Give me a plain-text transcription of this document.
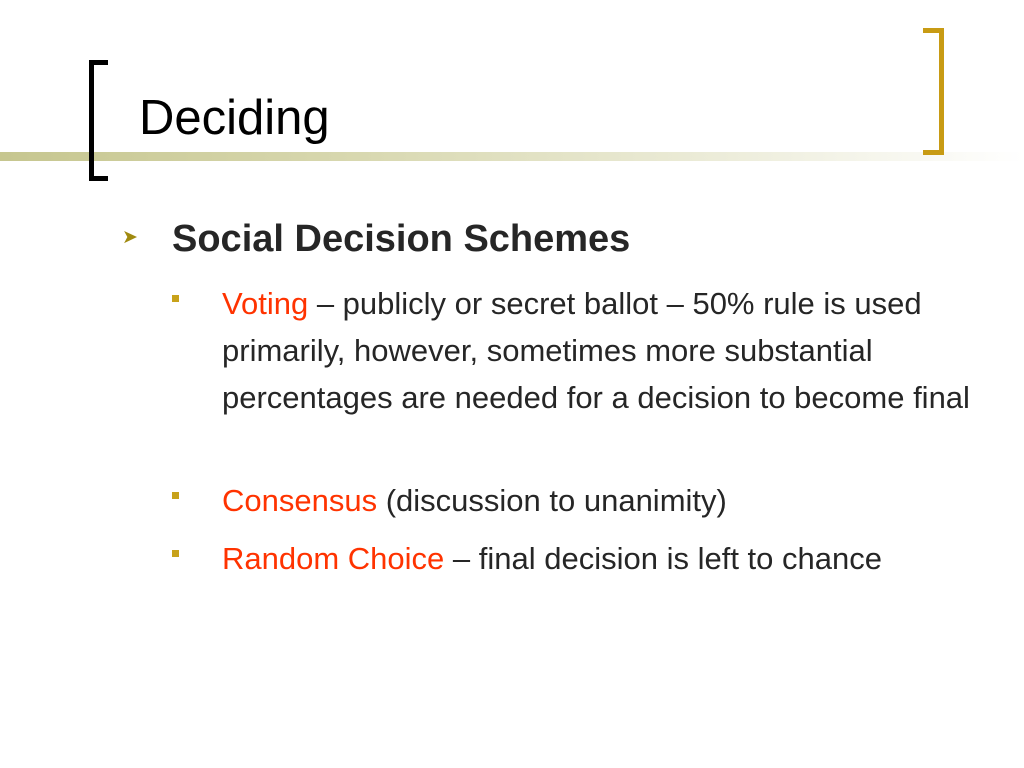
Deciding
➤ Social Decision Schemes
Voting – publicly or secret ballot – 50% rule is used primarily, however, sometimes more substantial percentages are needed for a decision to become final
Consensus (discussion to unanimity)
Random Choice – final decision is left to chance
